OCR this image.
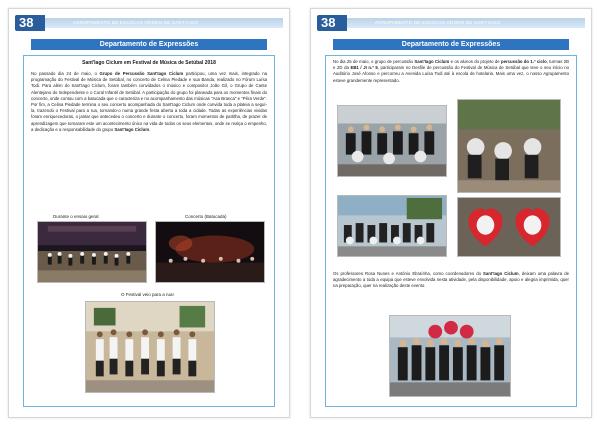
38	AGRUPAMENTO DE ESCOLAS ORDEM DE SANT'IAGO
Departamento de Expressões
Sant'Iago Ciclum em Festival de Música de Setúbal 2018
No passado dia 24 de maio, o Grupo de Percussão Sant'Iago Ciclum participou, uma vez mais, integrado na programação do Festival de Música de Setúbal, no concerto de Celina Piedade e sua Banda, realizado no Fórum Luísa Todi. Para além do Sant'Iago Ciclum, foram também convidados o músico e compositor João Gil, o Grupo de Cante Alentejano do Independente e o Coral Infantil de Setúbal. A participação do grupo foi planeada para os momentos finais do concerto, onde contou com a batucada que o caracteriza e no acompanhamento das músicas "Asa Branca" e "Pêra Verde". Por fim, a Celina Piedade termina o seu concerto acompanhada do Sant'Iago Ciclum onde convida toda a plateia a seguí-la, trazendo o Festival para a rua, tornando-o numa grande festa aberta a toda a cidade. Todas as experiências vividas foram enriquecedoras, o jantar que antecedeu o concerto e durante o concerto, foram momentos de partilha, de prazer de aprendizagem que tornaram este um acontecimento único na vida de todos os seus elementos, onde se realça o empenho, a dedicação e a responsabilidade do grupo Sant'Iago Ciclum.
Durante o ensaio geral	Concerto (Batucada)
O Festival veio para a rua!
38	AGRUPAMENTO DE ESCOLAS ORDEM DE SANT'IAGO
Departamento de Expressões
No dia 25 de maio, o grupo de percussão Sant'Iago Ciclum e os alunos do projeto de percussão do 1.º ciclo, turmas 2B e 2D da EB1 / JI n.º 5, participaram no Desfile de percussão do Festival de Música de Setúbal que teve o seu início no Auditório José Afonso e percorreu a Avenida Luísa Todi até à escola de hotelaria. Mais uma vez, o nosso Agrupamento esteve grandemente representado.
Os professores Rosa Nunes e António Ebraínha, como coordenadores do Sant'Iago Ciclum, deixam uma palavra de agradecimento a toda a equipa que esteve envolvida nesta atividade, pela disponibilidade, apoio e alegria imprimida, quer na preparação, quer na realização deste evento.
